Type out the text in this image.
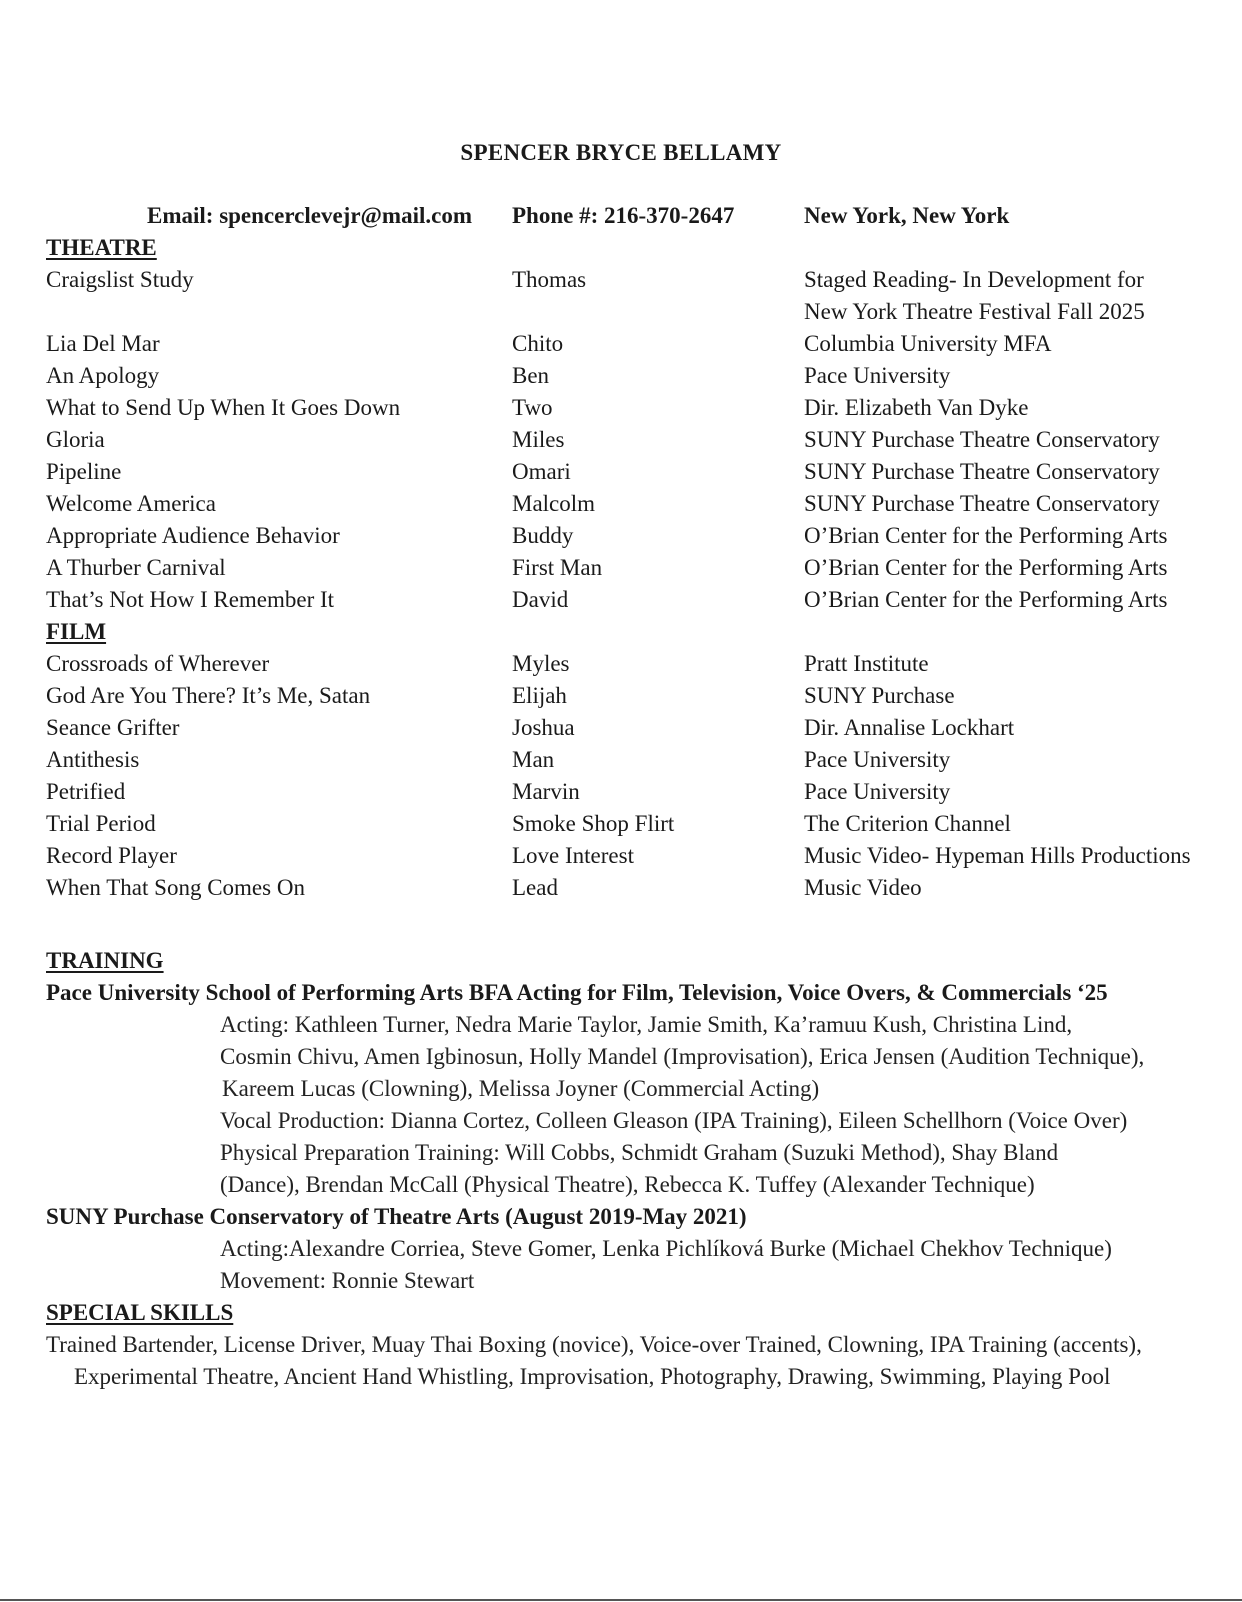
SPENCER BRYCE BELLAMY
Email: spencerclevejr@mail.com Phone #: 216-370-2647	New York, New York
THEATRE
Craigslist Study	Thomas	Staged Reading- In Development for
New York Theatre Festival Fall 2025
Lia Del Mar	Chito	Columbia University MFA
An Apology	Ben	Pace University
What to Send Up When It Goes Down	Two	Dir. Elizabeth Van Dyke
Gloria	Miles	SUNY Purchase Theatre Conservatory
Pipeline	Omari	SUNY Purchase Theatre Conservatory
Welcome America	Malcolm	SUNY Purchase Theatre Conservatory
Appropriate Audience Behavior	Buddy	O’Brian Center for the Performing Arts
A Thurber Carnival	First Man	O’Brian Center for the Performing Arts
That’s Not How I Remember It	David	O’Brian Center for the Performing Arts
FILM
Crossroads of Wherever	Myles	Pratt Institute
God Are You There? It’s Me, Satan	Elijah	SUNY Purchase
Seance Grifter	Joshua	Dir. Annalise Lockhart
Antithesis	Man	Pace University
Petrified	Marvin	Pace University
Trial Period	Smoke Shop Flirt	The Criterion Channel
Record Player	Love Interest	Music Video- Hypeman Hills Productions
When That Song Comes On	Lead	Music Video
TRAINING
Pace University School of Performing Arts BFA Acting for Film, Television, Voice Overs, & Commercials ‘25
Acting: Kathleen Turner, Nedra Marie Taylor, Jamie Smith, Ka’ramuu Kush, Christina Lind,
Cosmin Chivu, Amen Igbinosun, Holly Mandel (Improvisation), Erica Jensen (Audition Technique),
Kareem Lucas (Clowning), Melissa Joyner (Commercial Acting)
Vocal Production: Dianna Cortez, Colleen Gleason (IPA Training), Eileen Schellhorn (Voice Over)
Physical Preparation Training: Will Cobbs, Schmidt Graham (Suzuki Method), Shay Bland
(Dance), Brendan McCall (Physical Theatre), Rebecca K. Tuffey (Alexander Technique)
SUNY Purchase Conservatory of Theatre Arts (August 2019-May 2021)
Acting:Alexandre Corriea, Steve Gomer, Lenka Pichlíková Burke (Michael Chekhov Technique)
Movement: Ronnie Stewart
SPECIAL SKILLS
Trained Bartender, License Driver, Muay Thai Boxing (novice), Voice-over Trained, Clowning, IPA Training (accents),
Experimental Theatre, Ancient Hand Whistling, Improvisation, Photography, Drawing, Swimming, Playing Pool
